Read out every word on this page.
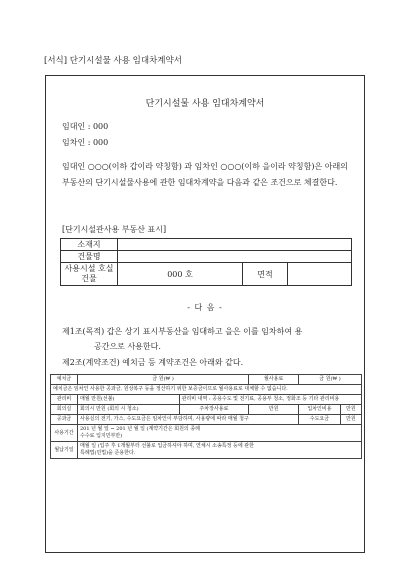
[서식] 단기시설물 사용 임대차계약서
단기시설물 사용 임대차계약서
임대인 : 000
임차인 : 000
임대인 ○○○(이하 갑이라 약칭함) 과 임차인 ○○○(이하 을이라 약칭함)은 아래의 부동산의 단기시설물사용에 관한 임대차계약을 다음과 같은 조건으로 체결한다.
[단기시설관사용 부동산 표시]
소재지			
건물명			
사용시설 호실건물	000 호	면적	
- 다 음 -
제1조(목적) 갑은 상기 표시부동산을 임대하고 을은 이를 임차하여 용
공간으로 사용한다.
제2조(계약조건) 예치금 등 계약조건은 아래와 같다.
예치금	금 원(₩ )		월사용료	금 원(₩ )	
예치금은 임차인 사용한 공과금, 원상복구 등을 정산하기 위한 보증금이므로 월사용료로 대체할 수 없습니다.					
관리비	매월 만원(선불)	관리비 내역 : 공용수도 및 전기료, 공용부 청소, 정화조 등 기타 관리비용			
회의실	회의시 만원 (회의 시 청소)	주차장사용료	만원	입차인비용	만원
공과금	사용실의 전기, 가스, 수도요금은 임차인이 부담하며, 사용량에 따라 매월 청구			수도요금	만원
사용기간	201 년 월 일 ~ 201 년 월 일 (계약기간은 회원의 종례
수수료 입지민부만)				

월납기일	매월 일 (입주 후 1개월부터 선불로 입금하셔야 하며, 연체시 소송특정 등에 관한
특례법(민법)을 준용한다.				
